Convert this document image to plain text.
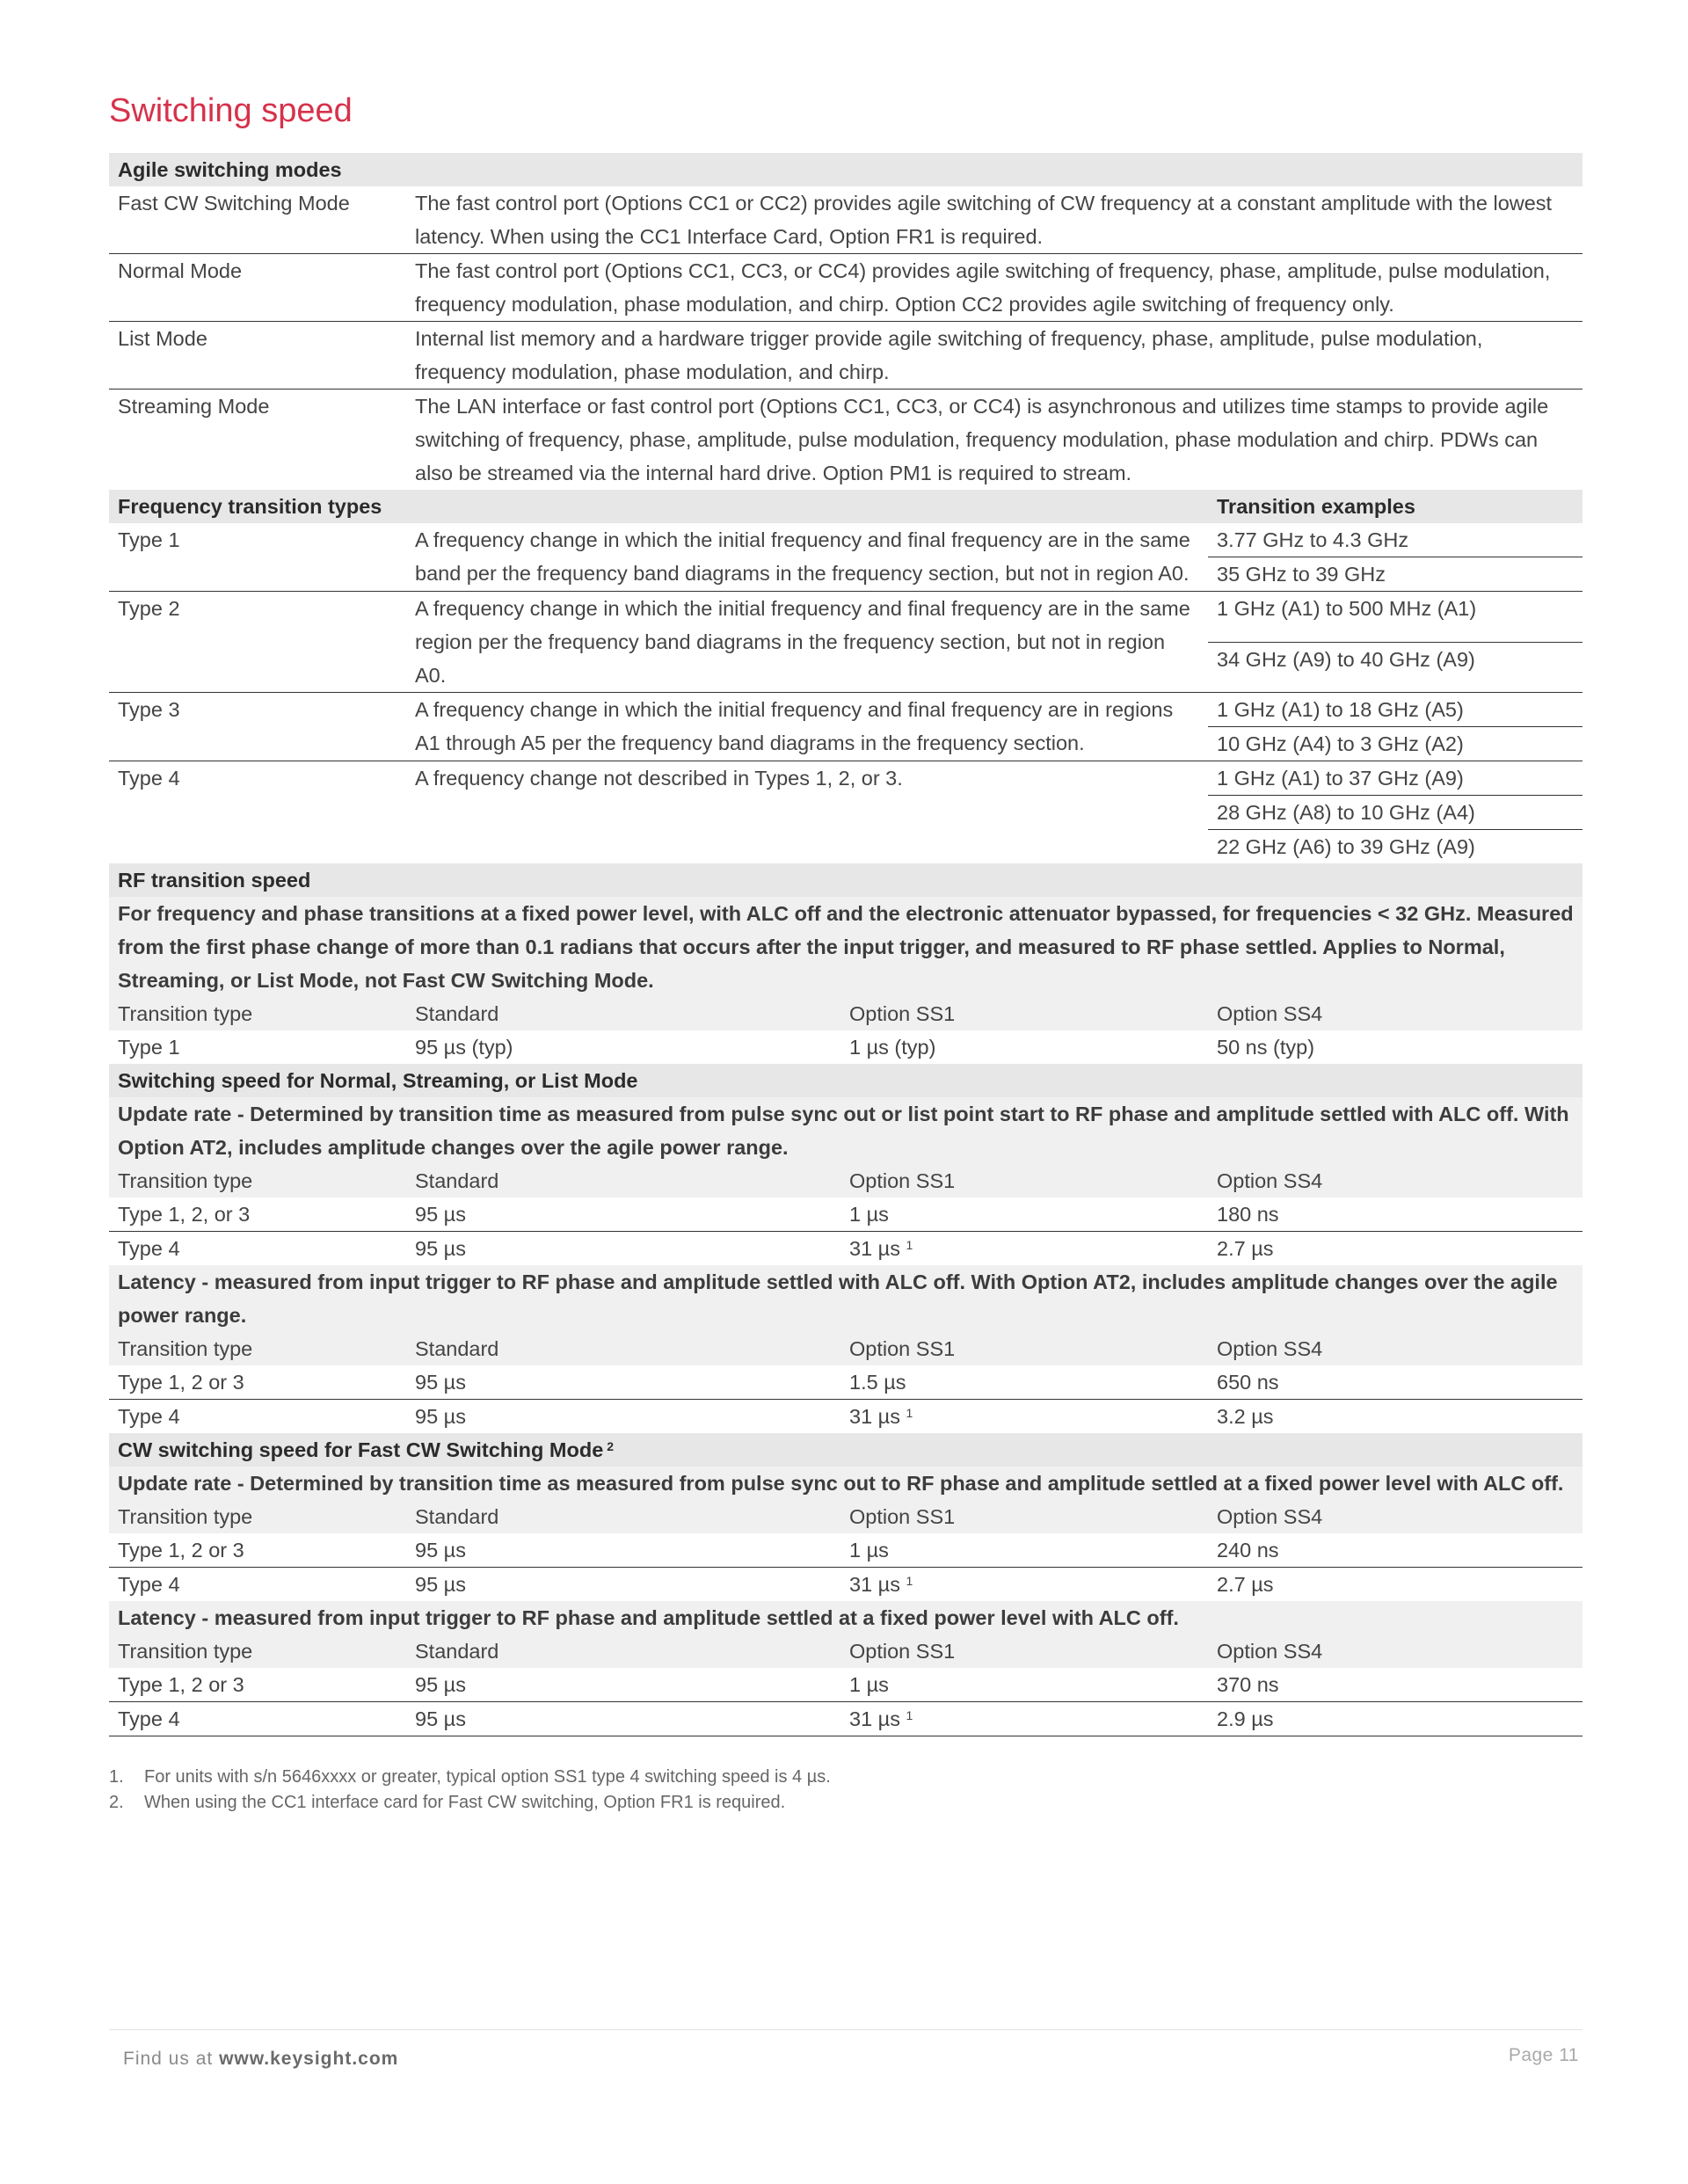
Switching speed
Agile switching modes			
Fast CW Switching Mode	The fast control port (Options CC1 or CC2) provides agile switching of CW frequency at a constant amplitude with the lowest latency. When using the CC1 Interface Card, Option FR1 is required.		
Normal Mode	The fast control port (Options CC1, CC3, or CC4) provides agile switching of frequency, phase, amplitude, pulse modulation, frequency modulation, phase modulation, and chirp. Option CC2 provides agile switching of frequency only.		
List Mode	Internal list memory and a hardware trigger provide agile switching of frequency, phase, amplitude, pulse modulation, frequency modulation, phase modulation, and chirp.		
Streaming Mode	The LAN interface or fast control port (Options CC1, CC3, or CC4) is asynchronous and utilizes time stamps to provide agile switching of frequency, phase, amplitude, pulse modulation, frequency modulation, phase modulation and chirp. PDWs can also be streamed via the internal hard drive. Option PM1 is required to stream.		
Frequency transition types			Transition examples
Type 1	A frequency change in which the initial frequency and final frequency are in the same band per the frequency band diagrams in the frequency section, but not in region A0.		3.77 GHz to 4.3 GHz
			35 GHz to 39 GHz
Type 2	A frequency change in which the initial frequency and final frequency are in the same region per the frequency band diagrams in the frequency section, but not in region A0.		1 GHz (A1) to 500 MHz (A1)
			34 GHz (A9) to 40 GHz (A9)
Type 3	A frequency change in which the initial frequency and final frequency are in regions A1 through A5 per the frequency band diagrams in the frequency section.		1 GHz (A1) to 18 GHz (A5)
			10 GHz (A4) to 3 GHz (A2)
Type 4	A frequency change not described in Types 1, 2, or 3.		1 GHz (A1) to 37 GHz (A9)
			28 GHz (A8) to 10 GHz (A4)
			22 GHz (A6) to 39 GHz (A9)
RF transition speed			
For frequency and phase transitions at a fixed power level, with ALC off and the electronic attenuator bypassed, for frequencies < 32 GHz. Measured from the first phase change of more than 0.1 radians that occurs after the input trigger, and measured to RF phase settled. Applies to Normal, Streaming, or List Mode, not Fast CW Switching Mode.			
Transition type	Standard	Option SS1	Option SS4
Type 1	95 µs (typ)	1 µs (typ)	50 ns (typ)
Switching speed for Normal, Streaming, or List Mode			
Update rate - Determined by transition time as measured from pulse sync out or list point start to RF phase and amplitude settled with ALC off. With Option AT2, includes amplitude changes over the agile power range.			
Transition type	Standard	Option SS1	Option SS4
Type 1, 2, or 3	95 µs	1 µs	180 ns
Type 4	95 µs	31 µs $^1$	2.7 µs
Latency - measured from input trigger to RF phase and amplitude settled with ALC off. With Option AT2, includes amplitude changes over the agile power range.			
Transition type	Standard	Option SS1	Option SS4
Type 1, 2 or 3	95 µs	1.5 µs	650 ns
Type 4	95 µs	31 µs $^1$	3.2 µs
CW switching speed for Fast CW Switching Mode $^2$
Update rate - Determined by transition time as measured from pulse sync out to RF phase and amplitude settled at a fixed power level with ALC off.			
Transition type	Standard	Option SS1	Option SS4
Type 1, 2 or 3	95 µs	1 µs	240 ns
Type 4	95 µs	31 µs $^1$	2.7 µs
Latency - measured from input trigger to RF phase and amplitude settled at a fixed power level with ALC off.			
Transition type	Standard	Option SS1	Option SS4
Type 1, 2 or 3	95 µs	1 µs	370 ns
Type 4	95 µs	31 µs $^1$	2.9 µs
1.	For units with s/n 5646xxxx or greater, typical option SS1 type 4 switching speed is 4 µs.
2.	When using the CC1 interface card for Fast CW switching, Option FR1 is required.
Find us at www.keysight.com	Page 11
